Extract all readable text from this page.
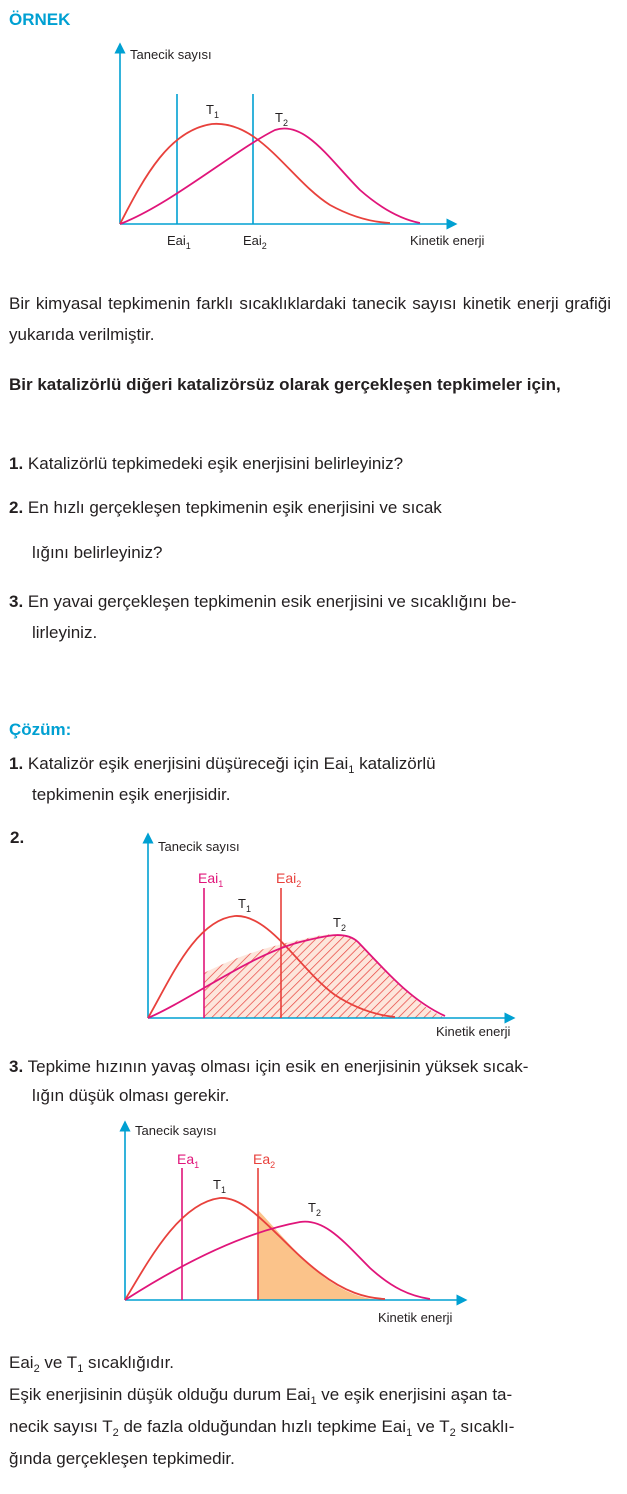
ÖRNEK
Tanecik sayısı
Kinetik enerji
$T_1$	$T_2$
Eai$_1$	Eai$_2$
Bir kimyasal tepkimenin farklı sıcaklıklardaki tanecik sayısı kinetik enerji grafiği yukarıda verilmiştir.
Bir katalizörlü diğeri katalizörsüz olarak gerçekleşen tepkimeler için,
1. Katalizörlü tepkimedeki eşik enerjisini belirleyiniz?
2. En hızlı gerçekleşen tepkimenin eşik enerjisini ve sıcak
lığını belirleyiniz?
3. En yavai gerçekleşen tepkimenin esik enerjisini ve sıcaklığını be-
lirleyiniz.
Çözüm:
1. Katalizör eşik enerjisini düşüreceği için Eai$_1$ katalizörlü
tepkimenin eşik enerjisidir.
2.	Tanecik sayısı
Kinetik enerji
Eai$_1$	Eai$_2$
$T_1$
$T_2$
3. Tepkime hızının yavaş olması için esik en enerjisinin yüksek sıcak-
lığın düşük olması gerekir.
Tanecik sayısı
Kinetik enerji
$Ea_1$	$Ea_2$
$T_1$
$T_2$
Eai$_2$ ve $T_1$ sıcaklığıdır.
Eşik enerjisinin düşük olduğu durum Eai$_1$ ve eşik enerjisini aşan ta-
necik sayısı $T_2$ de fazla olduğundan hızlı tepkime Eai$_1$ ve $T_2$ sıcaklı-
ğında gerçekleşen tepkimedir.
